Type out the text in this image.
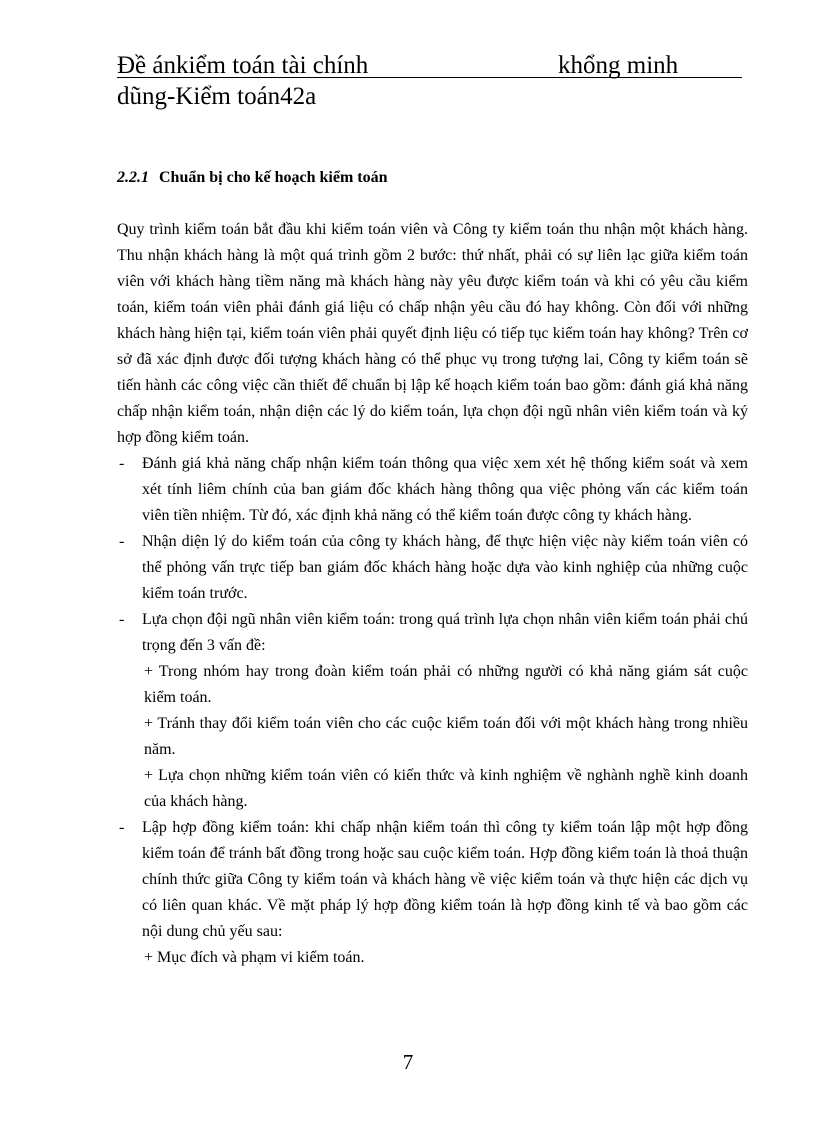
Đề ánkiểm toán tài chính	khổng minh
dũng-Kiểm toán42a
2.2.1 Chuẩn bị cho kế hoạch kiểm toán

Quy trình kiểm toán bắt đầu khi kiểm toán viên và Công ty kiểm toán thu nhận một khách hàng. Thu nhận khách hàng là một quá trình gồm 2 bước: thứ nhất, phải có sự liên lạc giữa kiểm toán viên với khách hàng tiềm năng mà khách hàng này yêu được kiểm toán và khi có yêu cầu kiểm toán, kiểm toán viên phải đánh giá liệu có chấp nhận yêu cầu đó hay không. Còn đối với những khách hàng hiện tại, kiểm toán viên phải quyết định liệu có tiếp tục kiểm toán hay không? Trên cơ sở đã xác định được đối tượng khách hàng có thể phục vụ trong tượng lai, Công ty kiểm toán sẽ tiến hành các công việc cần thiết để chuẩn bị lập kế hoạch kiểm toán bao gồm: đánh giá khả năng chấp nhận kiểm toán, nhận diện các lý do kiểm toán, lựa chọn đội ngũ nhân viên kiểm toán và ký hợp đồng kiểm toán.

- Đánh giá khả năng chấp nhận kiểm toán thông qua việc xem xét hệ thống kiểm soát và xem xét tính liêm chính của ban giám đốc khách hàng thông qua việc phỏng vấn các kiểm toán viên tiền nhiệm. Từ đó, xác định khả năng có thể kiểm toán được công ty khách hàng.

- Nhận diện lý do kiểm toán của công ty khách hàng, để thực hiện việc này kiểm toán viên có thể phỏng vấn trực tiếp ban giám đốc khách hàng hoặc dựa vào kinh nghiệp của những cuộc kiểm toán trước.

- Lựa chọn đội ngũ nhân viên kiểm toán: trong quá trình lựa chọn nhân viên kiểm toán phải chú trọng đến 3 vấn đề:

+ Trong nhóm hay trong đoàn kiểm toán phải có những người có khả năng giám sát cuộc kiểm toán.

+ Tránh thay đổi kiểm toán viên cho các cuộc kiểm toán đối với một khách hàng trong nhiều năm.

+ Lựa chọn những kiểm toán viên có kiến thức và kinh nghiệm về nghành nghề kinh doanh của khách hàng.

- Lập hợp đồng kiểm toán: khi chấp nhận kiểm toán thì công ty kiểm toán lập một hợp đồng kiểm toán để tránh bất đồng trong hoặc sau cuộc kiểm toán. Hợp đồng kiểm toán là thoả thuận chính thức giữa Công ty kiểm toán và khách hàng về việc kiểm toán và thực hiện các dịch vụ có liên quan khác. Về mặt pháp lý hợp đồng kiểm toán là hợp đồng kinh tế và bao gồm các nội dung chủ yếu sau:

+ Mục đích và phạm vi kiểm toán.

7
